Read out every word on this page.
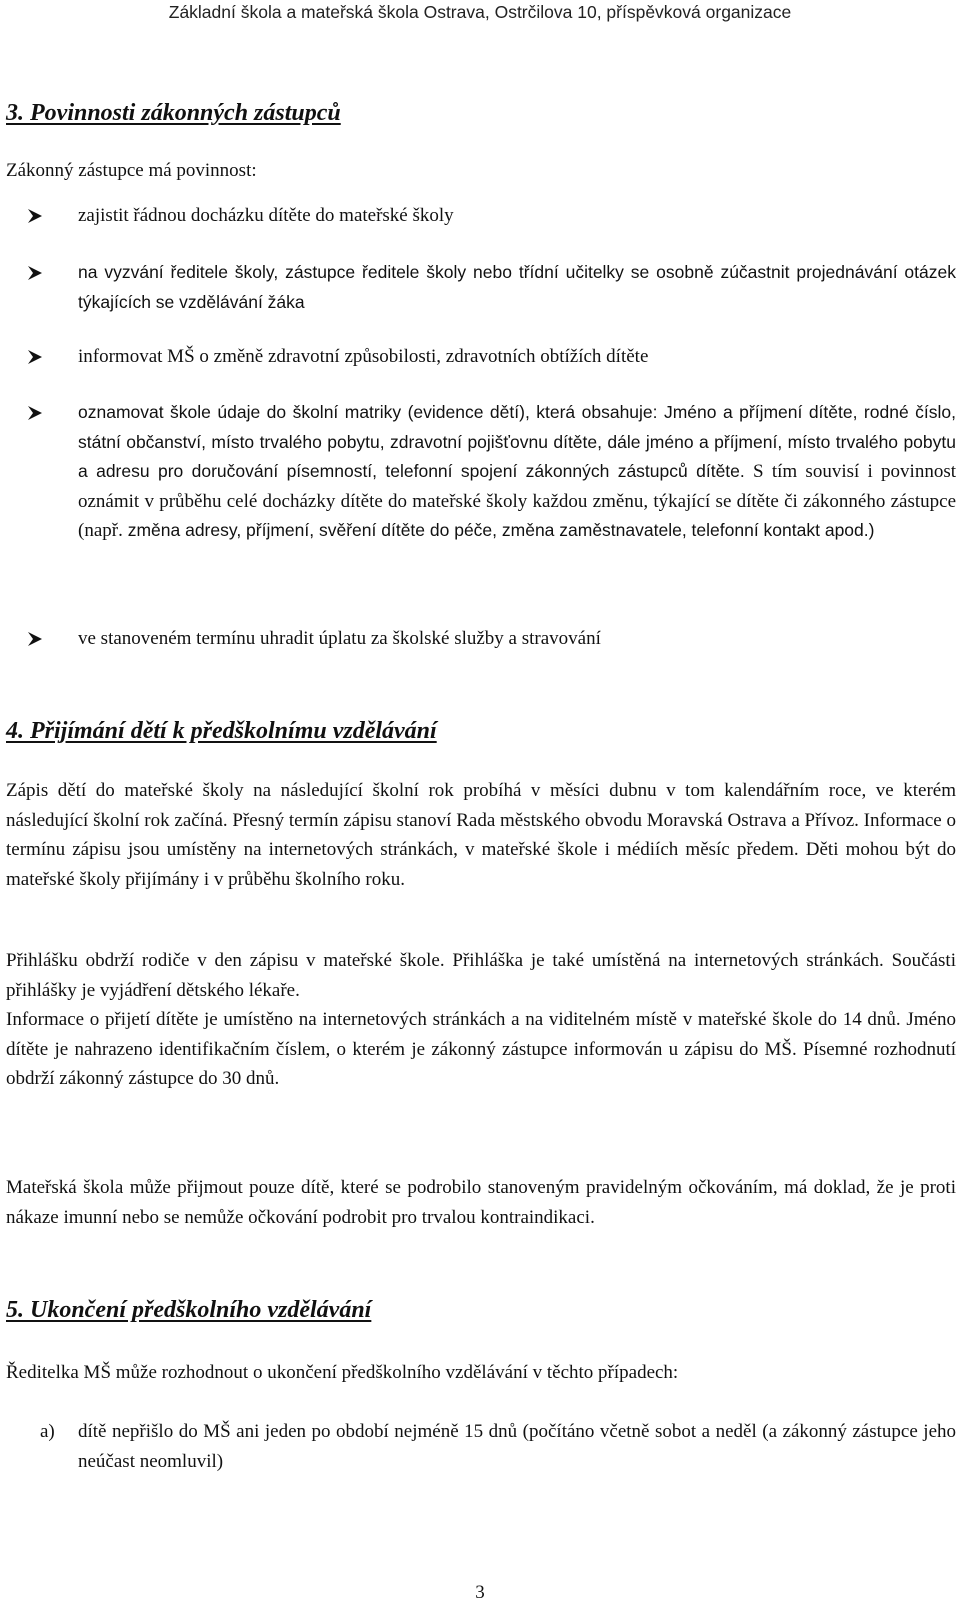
Základní škola a mateřská škola Ostrava, Ostrčilova 10, příspěvková organizace
3. Povinnosti zákonných zástupců
Zákonný zástupce má povinnost:
zajistit řádnou docházku dítěte do mateřské školy
na vyzvání ředitele školy, zástupce ředitele školy nebo třídní učitelky se osobně zúčastnit projednávání otázek týkajících se vzdělávání žáka
informovat MŠ o změně zdravotní způsobilosti, zdravotních obtížích dítěte
oznamovat škole údaje do školní matriky (evidence dětí), která obsahuje: Jméno a příjmení dítěte, rodné číslo, státní občanství, místo trvalého pobytu, zdravotní pojišťovnu dítěte, dále jméno a příjmení, místo trvalého pobytu a adresu pro doručování písemností, telefonní spojení zákonných zástupců dítěte. S tím souvisí i povinnost oznámit v průběhu celé docházky dítěte do mateřské školy každou změnu, týkající se dítěte či zákonného zástupce (např. změna adresy, příjmení, svěření dítěte do péče, změna zaměstnavatele, telefonní kontakt apod.)
ve stanoveném termínu uhradit úplatu za školské služby a stravování
4. Přijímání dětí k předškolnímu vzdělávání
Zápis dětí do mateřské školy na následující školní rok probíhá v měsíci dubnu v tom kalendářním roce, ve kterém následující školní rok začíná. Přesný termín zápisu stanoví Rada městského obvodu Moravská Ostrava a Přívoz. Informace o termínu zápisu jsou umístěny na internetových stránkách, v mateřské škole i médiích měsíc předem. Děti mohou být do mateřské školy přijímány i v průběhu školního roku.
Přihlášku obdrží rodiče v den zápisu v mateřské škole. Přihláška je také umístěná na internetových stránkách. Součásti přihlášky je vyjádření dětského lékaře.
Informace o přijetí dítěte je umístěno na internetových stránkách a na viditelném místě v mateřské škole do 14 dnů. Jméno dítěte je nahrazeno identifikačním číslem, o kterém je zákonný zástupce informován u zápisu do MŠ. Písemné rozhodnutí obdrží zákonný zástupce do 30 dnů.
Mateřská škola může přijmout pouze dítě, které se podrobilo stanoveným pravidelným očkováním, má doklad, že je proti nákaze imunní nebo se nemůže očkování podrobit pro trvalou kontraindikaci.
5. Ukončení předškolního vzdělávání
Ředitelka MŠ může rozhodnout o ukončení předškolního vzdělávání v těchto případech:
a) dítě nepřišlo do MŠ ani jeden po období nejméně 15 dnů (počítáno včetně sobot a neděl (a zákonný zástupce jeho neúčast neomluvil)
3
